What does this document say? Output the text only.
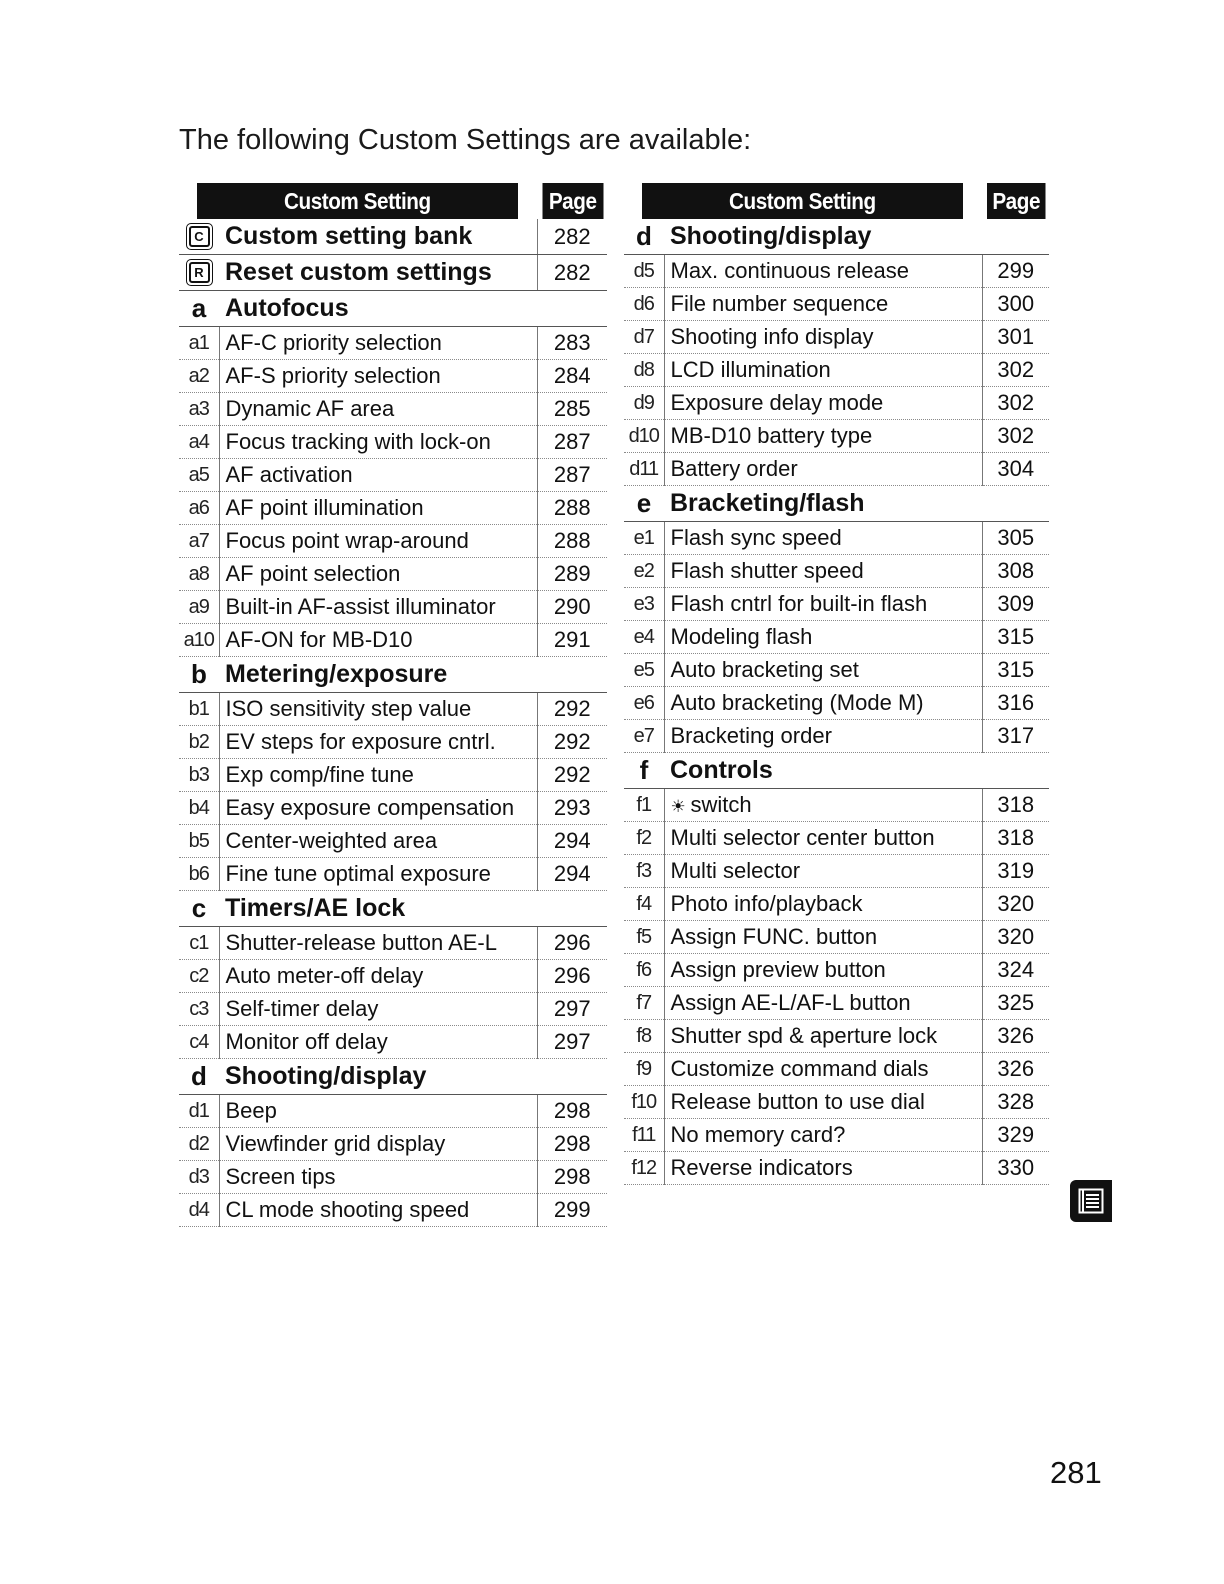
The following Custom Settings are available:
Custom Setting		Page
C	Custom setting bank	282
R	Reset custom settings	282
a	Autofocus	
a1	AF-C priority selection	283
a2	AF-S priority selection	284
a3	Dynamic AF area	285
a4	Focus tracking with lock-on	287
a5	AF activation	287
a6	AF point illumination	288
a7	Focus point wrap-around	288
a8	AF point selection	289
a9	Built-in AF-assist illuminator	290
a10	AF-ON for MB-D10	291
b	Metering/exposure	
b1	ISO sensitivity step value	292
b2	EV steps for exposure cntrl.	292
b3	Exp comp/fine tune	292
b4	Easy exposure compensation	293
b5	Center-weighted area	294
b6	Fine tune optimal exposure	294
c	Timers/AE lock	
c1	Shutter-release button AE-L	296
c2	Auto meter-off delay	296
c3	Self-timer delay	297
c4	Monitor off delay	297
d	Shooting/display	
d1	Beep	298
d2	Viewfinder grid display	298
d3	Screen tips	298
d4	CL mode shooting speed	299
Custom Setting		Page
d	Shooting/display	
d5	Max. continuous release	299
d6	File number sequence	300
d7	Shooting info display	301
d8	LCD illumination	302
d9	Exposure delay mode	302
d10	MB-D10 battery type	302
d11	Battery order	304
e	Bracketing/flash	
e1	Flash sync speed	305
e2	Flash shutter speed	308
e3	Flash cntrl for built-in flash	309
e4	Modeling flash	315
e5	Auto bracketing set	315
e6	Auto bracketing (Mode M)	316
e7	Bracketing order	317
f	Controls	
f1	☀ switch	318
f2	Multi selector center button	318
f3	Multi selector	319
f4	Photo info/playback	320
f5	Assign FUNC. button	320
f6	Assign preview button	324
f7	Assign AE-L/AF-L button	325
f8	Shutter spd & aperture lock	326
f9	Customize command dials	326
f10	Release button to use dial	328
f11	No memory card?	329
f12	Reverse indicators	330
281
